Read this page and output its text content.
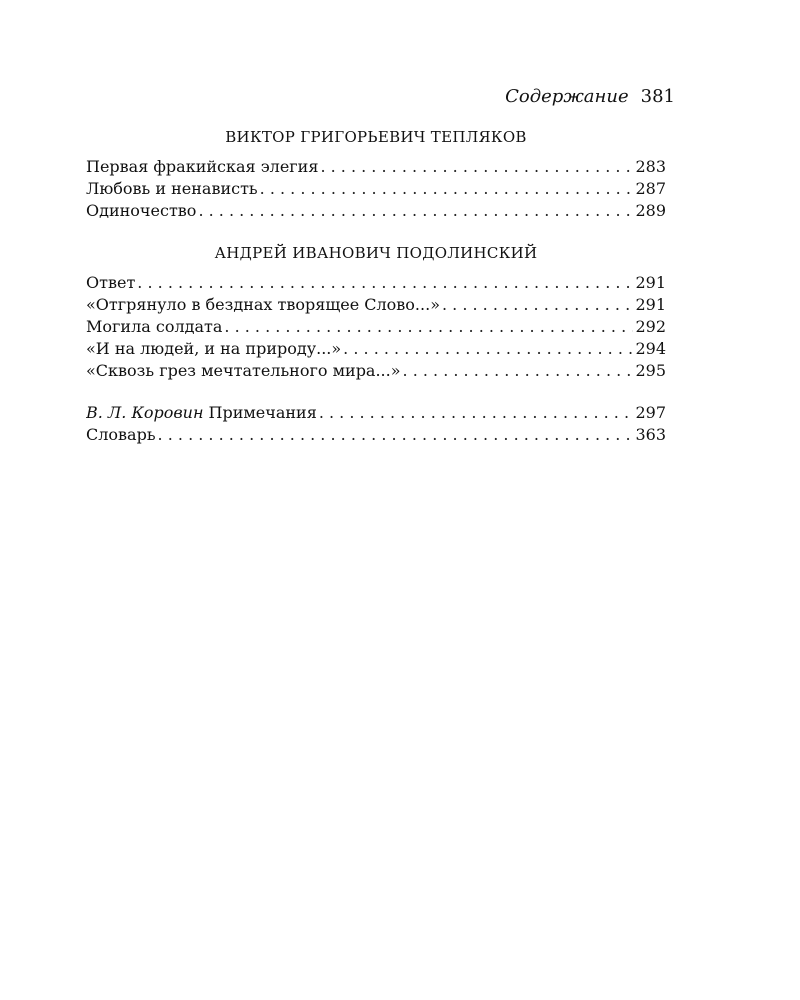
Содержание 381
ВИКТОР ГРИГОРЬЕВИЧ ТЕПЛЯКОВ
Первая фракийская элегия . . .	283
Любовь и ненависть . . .	287
Одиночество . . .	289
АНДРЕЙ ИВАНОВИЧ ПОДОЛИНСКИЙ
Ответ . . .	291
«Отгрянуло в безднах творящее Слово...» . . .	291
Могила солдата . . .	292
«И на людей, и на природу...» . . .	294
«Сквозь грез мечтательного мира...» . . .	295
В. Л. Коровин Примечания . . .	297
Словарь . . .	363
